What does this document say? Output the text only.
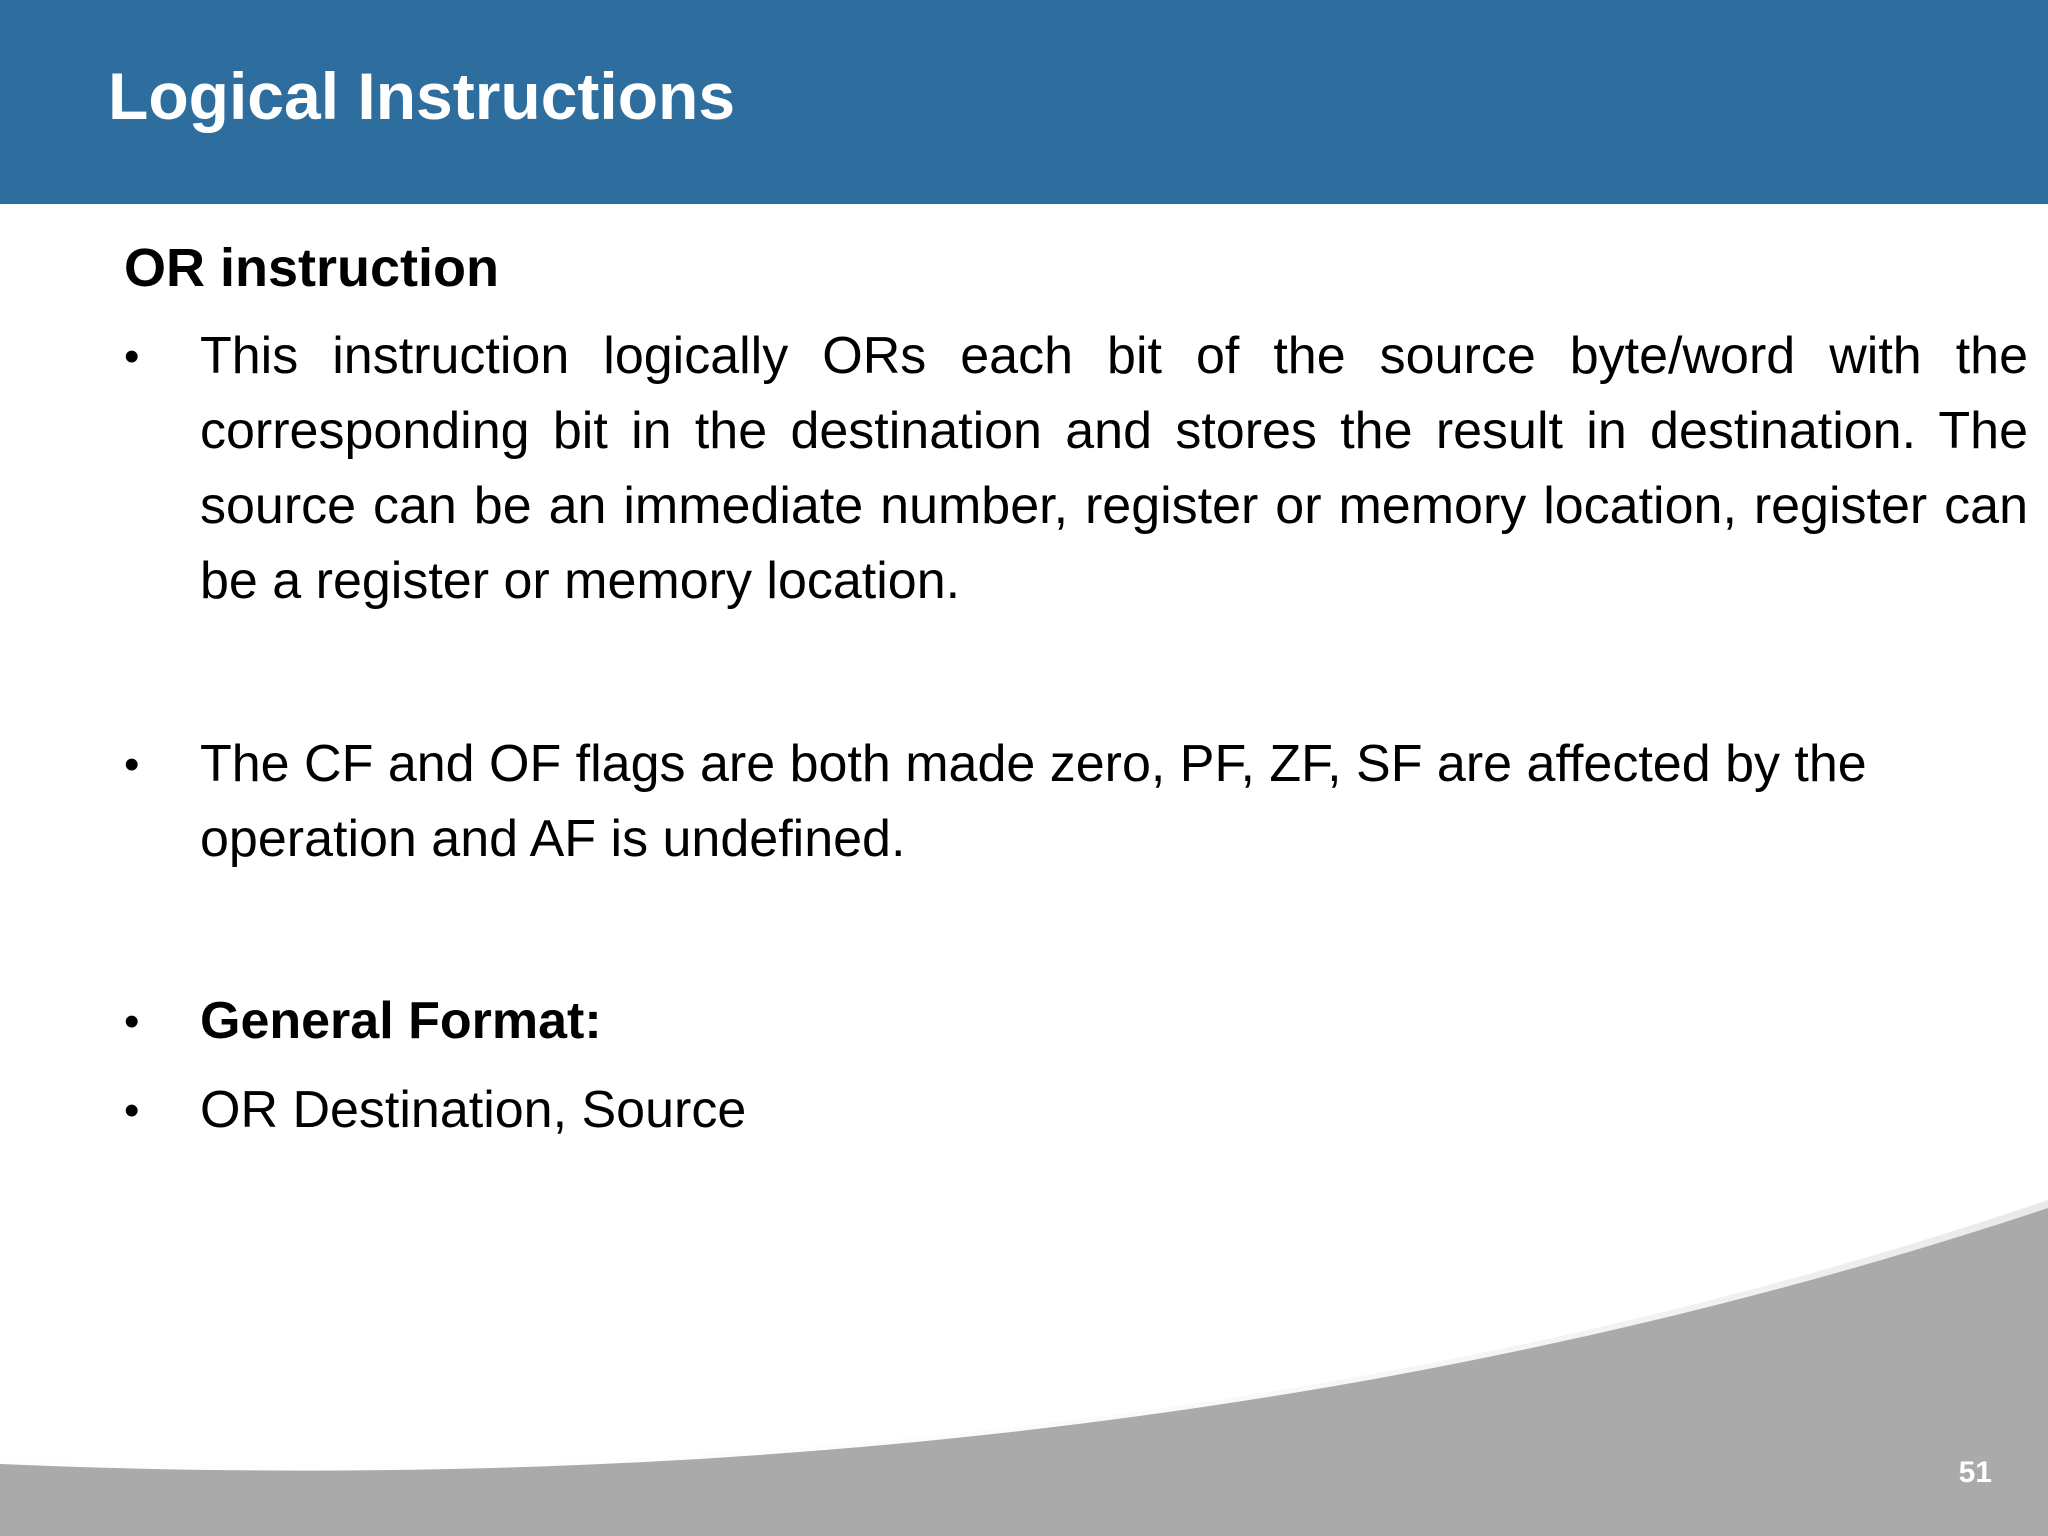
Logical Instructions
OR instruction
• This instruction logically ORs each bit of the source byte/word with the corresponding bit in the destination and stores the result in destination. The source can be an immediate number, register or memory location, register can be a register or memory location.

• The CF and OF flags are both made zero, PF, ZF, SF are affected by the operation and AF is undefined.

• General Format:

• OR Destination, Source

51
